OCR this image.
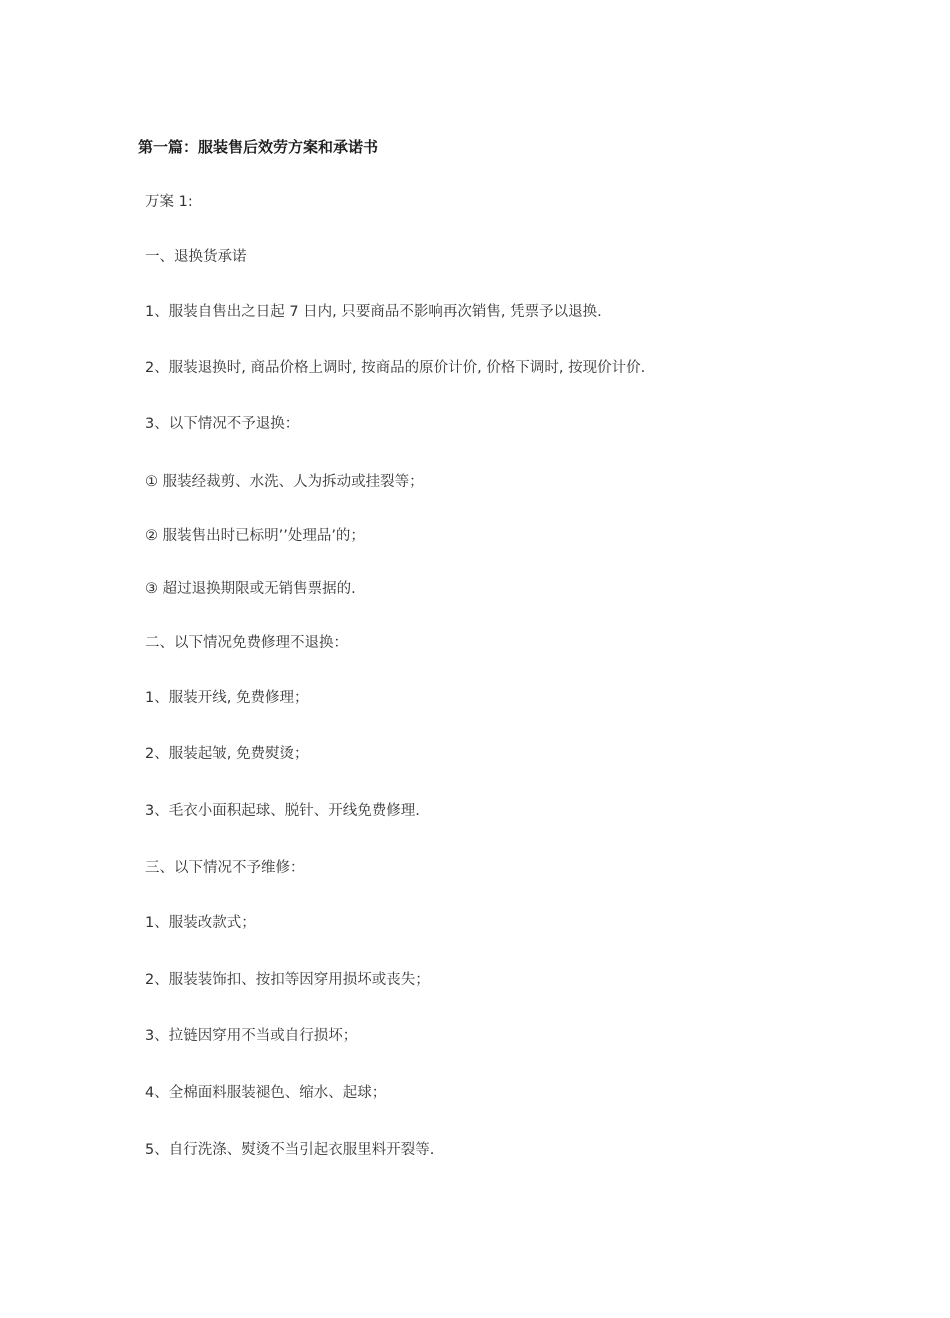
第一篇：服装售后效劳方案和承诺书
万案 1:
一、退换货承诺
1、服装自售出之日起 7 日内, 只要商品不影响再次销售, 凭票予以退换.
2、服装退换时, 商品价格上调时, 按商品的原价计价, 价格下调时, 按现价计价.
3、以下情况不予退换：
① 服装经裁剪、水洗、人为拆动或挂裂等；
② 服装售出时已标明’’处理品’的；
③ 超过退换期限或无销售票据的.
二、以下情况免费修理不退换：
1、服装开线, 免费修理；
2、服装起皱, 免费熨烫；
3、毛衣小面积起球、脱针、开线免费修理.
三、以下情况不予维修：
1、服装改款式；
2、服装装饰扣、按扣等因穿用损坏或丧失；
3、拉链因穿用不当或自行损坏；
4、全棉面料服装褪色、缩水、起球；
5、自行洗涤、熨烫不当引起衣服里料开裂等.
